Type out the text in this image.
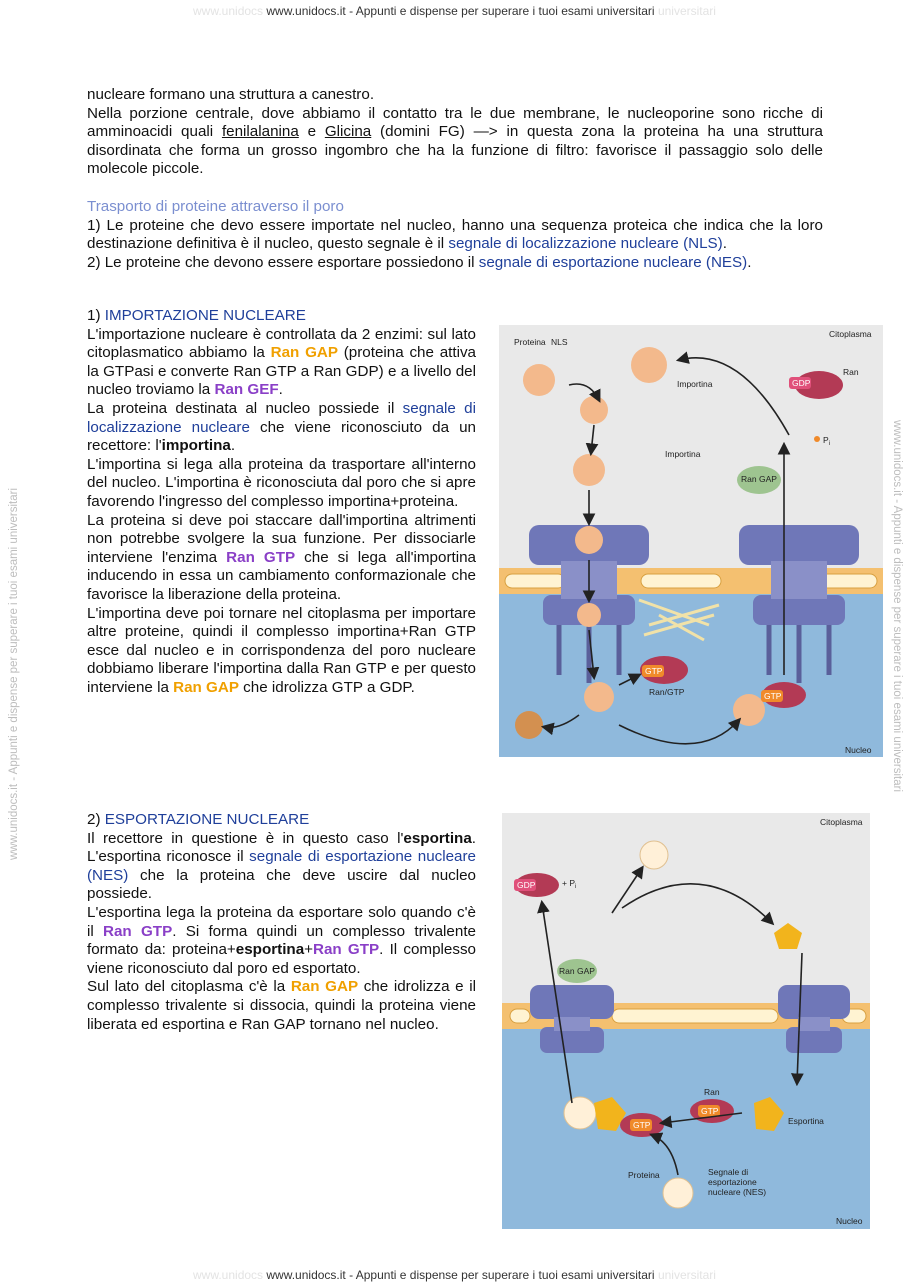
www.unidocs www.unidocs.it - Appunti e dispense per superare i tuoi esami universitari universitari
www.unidocs www.unidocs.it - Appunti e dispense per superare i tuoi esami universitari universitari
www.unidocs.it - Appunti e dispense per superare i tuoi esami universitari	www.unidocs.it - Appunti e dispense per superare i tuoi esami universitari

nucleare formano una struttura a canestro.

Nella porzione centrale, dove abbiamo il contatto tra le due membrane, le nucleoporine sono ricche di amminoacidi quali fenilalanina e Glicina (domini FG) —> in questa zona la proteina ha una struttura disordinata che forma un grosso ingombro che ha la funzione di filtro: favorisce il passaggio solo delle molecole piccole.

Trasporto di proteine attraverso il poro

1) Le proteine che devo essere importate nel nucleo, hanno una sequenza proteica che indica che la loro destinazione definitiva è il nucleo, questo segnale è il segnale di localizzazione nucleare (NLS).

2) Le proteine che devono essere esportare possiedono il segnale di esportazione nucleare (NES).

1) IMPORTAZIONE NUCLEARE

L'importazione nucleare è controllata da 2 enzimi: sul lato citoplasmatico abbiamo la Ran GAP (proteina che attiva la GTPasi e converte Ran GTP a Ran GDP) e a livello del nucleo troviamo la Ran GEF.

La proteina destinata al nucleo possiede il segnale di localizzazione nucleare che viene riconosciuto da un recettore: l'importina.

L'importina si lega alla proteina da trasportare all'interno del nucleo. L'importina è riconosciuta dal poro che si apre favorendo l'ingresso del complesso importina+proteina.

La proteina si deve poi staccare dall'importina altrimenti non potrebbe svolgere la sua funzione. Per dissociarle interviene l'enzima Ran GTP che si lega all'importina inducendo in essa un cambiamento conformazionale che favorisce la liberazione della proteina.

L'importina deve poi tornare nel citoplasma per importare altre proteine, quindi il complesso importina+Ran GTP esce dal nucleo e in corrispondenza del poro nucleare dobbiamo liberare l'importina dalla Ran GTP e per questo interviene la Ran GAP che idrolizza GTP a GDP.

2) ESPORTAZIONE NUCLEARE

Il recettore in questione è in questo caso l'esportina. L'esportina riconosce il segnale di esportazione nucleare (NES) che la proteina che deve uscire dal nucleo possiede.

L'esportina lega la proteina da esportare solo quando c'è il Ran GTP. Si forma quindi un complesso trivalente formato da: proteina+esportina+Ran GTP. Il complesso viene riconosciuto dal poro ed esportato.

Sul lato del citoplasma c'è la Ran GAP che idrolizza e il complesso trivalente si dissocia, quindi la proteina viene liberata ed esportina e Ran GAP tornano nel nucleo.

Citoplasma
Nucleo
Proteina NLS
Importina
Importina
GDP
Ran
$P_i$
Ran GAP
GTP
Ran/GTP	GTP
Citoplasma
Nucleo
GDP	+ $P_i$
Ran GAP
Ran
GTP
GTP	Esportina
Proteina	Segnale di
esportazione
nucleare (NES)
